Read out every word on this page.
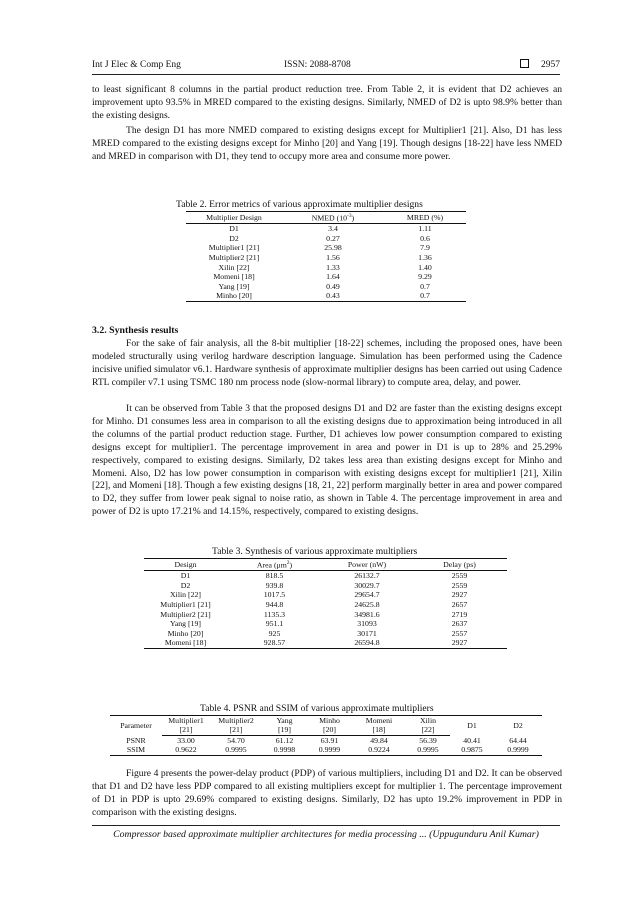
Int J Elec & Comp Eng	ISSN: 2088-8708	2957

to least significant 8 columns in the partial product reduction tree. From Table 2, it is evident that D2 achieves an improvement upto 93.5% in MRED compared to the existing designs. Similarly, NMED of D2 is upto 98.9% better than the existing designs.

The design D1 has more NMED compared to existing designs except for Multiplier1 [21]. Also, D1 has less MRED compared to the existing designs except for Minho [20] and Yang [19]. Though designs [18-22] have less NMED and MRED in comparison with D1, they tend to occupy more area and consume more power.

Table 2. Error metrics of various approximate multiplier designs
Multiplier Design	NMED $(10^{-3})$	MRED (%)
D1	3.4	1.11
D2	0.27	0.6
Multiplier1 [21]	25.98	7.9
Multiplier2 [21]	1.56	1.36
Xilin [22]	1.33	1.40
Momeni [18]	1.64	9.29
Yang [19]	0.49	0.7
Minho [20]	0.43	0.7

3.2. Synthesis results

For the sake of fair analysis, all the 8-bit multiplier [18-22] schemes, including the proposed ones, have been modeled structurally using verilog hardware description language. Simulation has been performed using the Cadence incisive unified simulator v6.1. Hardware synthesis of approximate multiplier designs has been carried out using Cadence RTL compiler v7.1 using TSMC 180 nm process node (slow-normal library) to compute area, delay, and power.

It can be observed from Table 3 that the proposed designs D1 and D2 are faster than the existing designs except for Minho. D1 consumes less area in comparison to all the existing designs due to approximation being introduced in all the columns of the partial product reduction stage. Further, D1 achieves low power consumption compared to existing designs except for multiplier1. The percentage improvement in area and power in D1 is up to 28% and 25.29% respectively, compared to existing designs. Similarly, D2 takes less area than existing designs except for Minho and Momeni. Also, D2 has low power consumption in comparison with existing designs except for multiplier1 [21], Xilin [22], and Momeni [18]. Though a few existing designs [18, 21, 22] perform marginally better in area and power compared to D2, they suffer from lower peak signal to noise ratio, as shown in Table 4. The percentage improvement in area and power of D2 is upto 17.21% and 14.15%, respectively, compared to existing designs.

Table 3. Synthesis of various approximate multipliers
Design	Area $(\mu m^2)$	Power (nW)	Delay (ps)
D1	818.5	26132.7	2559
D2	939.8	30029.7	2559
Xilin [22]	1017.5	29654.7	2927
Multiplier1 [21]	944.8	24625.8	2657
Multiplier2 [21]	1135.3	34981.6	2719
Yang [19]	951.1	31093	2637
Minho [20]	925	30171	2557
Momeni [18]	928.57	26594.8	2927
Table 4. PSNR and SSIM of various approximate multipliers
Parameter	Multiplier1	Multiplier2	Yang	Minho	Momeni	Xilin	D1	D2
	[21]	[21]	[19]	[20]	[18]	[22]		
PSNR	33.00	54.70	61.12	63.91	49.84	56.39	40.41	64.44
SSIM	0.9622	0.9995	0.9998	0.9999	0.9224	0.9995	0.9875	0.9999

Figure 4 presents the power-delay product (PDP) of various multipliers, including D1 and D2. It can be observed that D1 and D2 have less PDP compared to all existing multipliers except for multiplier 1. The percentage improvement of D1 in PDP is upto 29.69% compared to existing designs. Similarly, D2 has upto 19.2% improvement in PDP in comparison with the existing designs.

Compressor based approximate multiplier architectures for media processing ... (Uppugunduru Anil Kumar)
